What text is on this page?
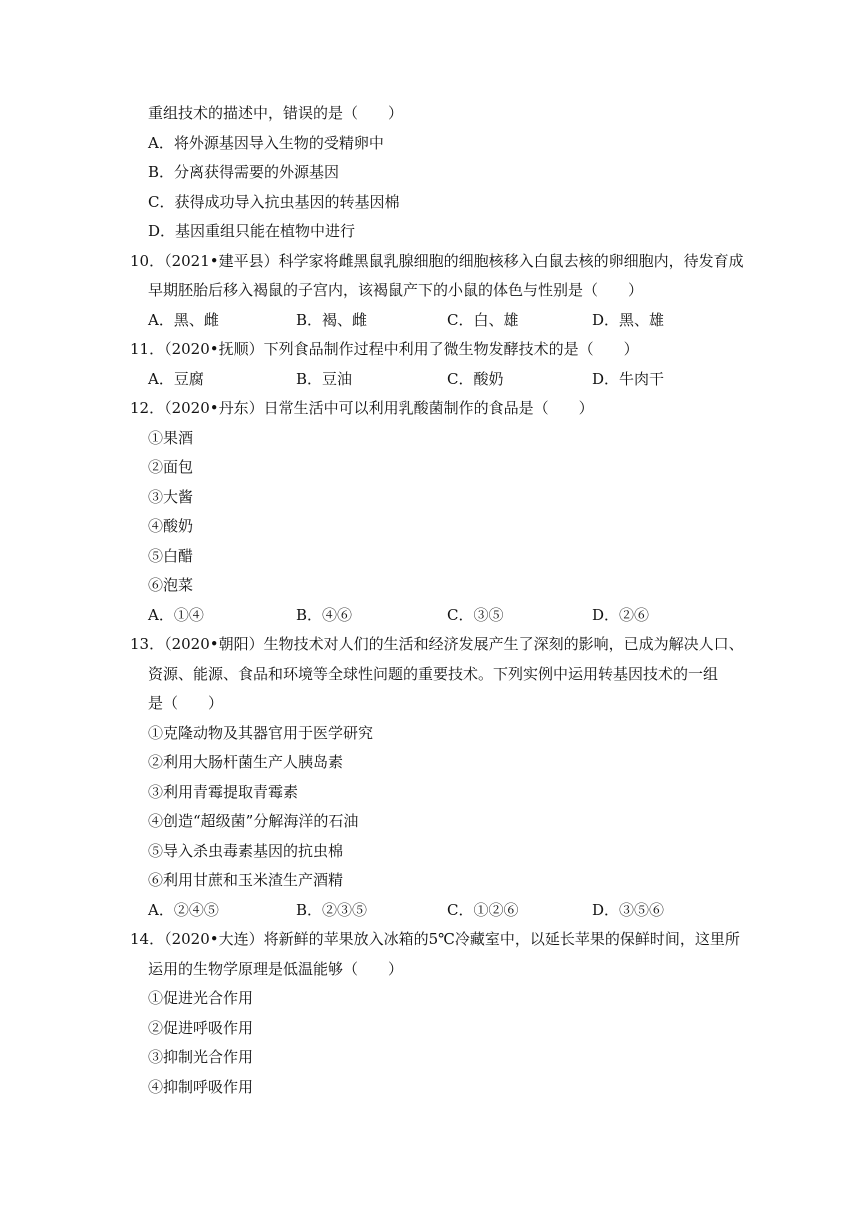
重组技术的描述中，错误的是（　　）
A．将外源基因导入生物的受精卵中
B．分离获得需要的外源基因
C．获得成功导入抗虫基因的转基因棉
D．基因重组只能在植物中进行
10．（2021•建平县）科学家将雌黑鼠乳腺细胞的细胞核移入白鼠去核的卵细胞内，待发育成
早期胚胎后移入褐鼠的子宫内，该褐鼠产下的小鼠的体色与性别是（　　）
A．黑、雌	B．褐、雌	C．白、雄	D．黑、雄
11．（2020•抚顺）下列食品制作过程中利用了微生物发酵技术的是（　　）
A．豆腐	B．豆油	C．酸奶	D．牛肉干
12．（2020•丹东）日常生活中可以利用乳酸菌制作的食品是（　　）
①果酒
②面包
③大酱
④酸奶
⑤白醋
⑥泡菜
A．①④	B．④⑥	C．③⑤	D．②⑥
13．（2020•朝阳）生物技术对人们的生活和经济发展产生了深刻的影响，已成为解决人口、
资源、能源、食品和环境等全球性问题的重要技术。下列实例中运用转基因技术的一组
是（　　）
①克隆动物及其器官用于医学研究
②利用大肠杆菌生产人胰岛素
③利用青霉提取青霉素
④创造“超级菌”分解海洋的石油
⑤导入杀虫毒素基因的抗虫棉
⑥利用甘蔗和玉米渣生产酒精
A．②④⑤	B．②③⑤	C．①②⑥	D．③⑤⑥
14．（2020•大连）将新鲜的苹果放入冰箱的5℃冷藏室中，以延长苹果的保鲜时间，这里所
运用的生物学原理是低温能够（　　）
①促进光合作用
②促进呼吸作用
③抑制光合作用
④抑制呼吸作用
